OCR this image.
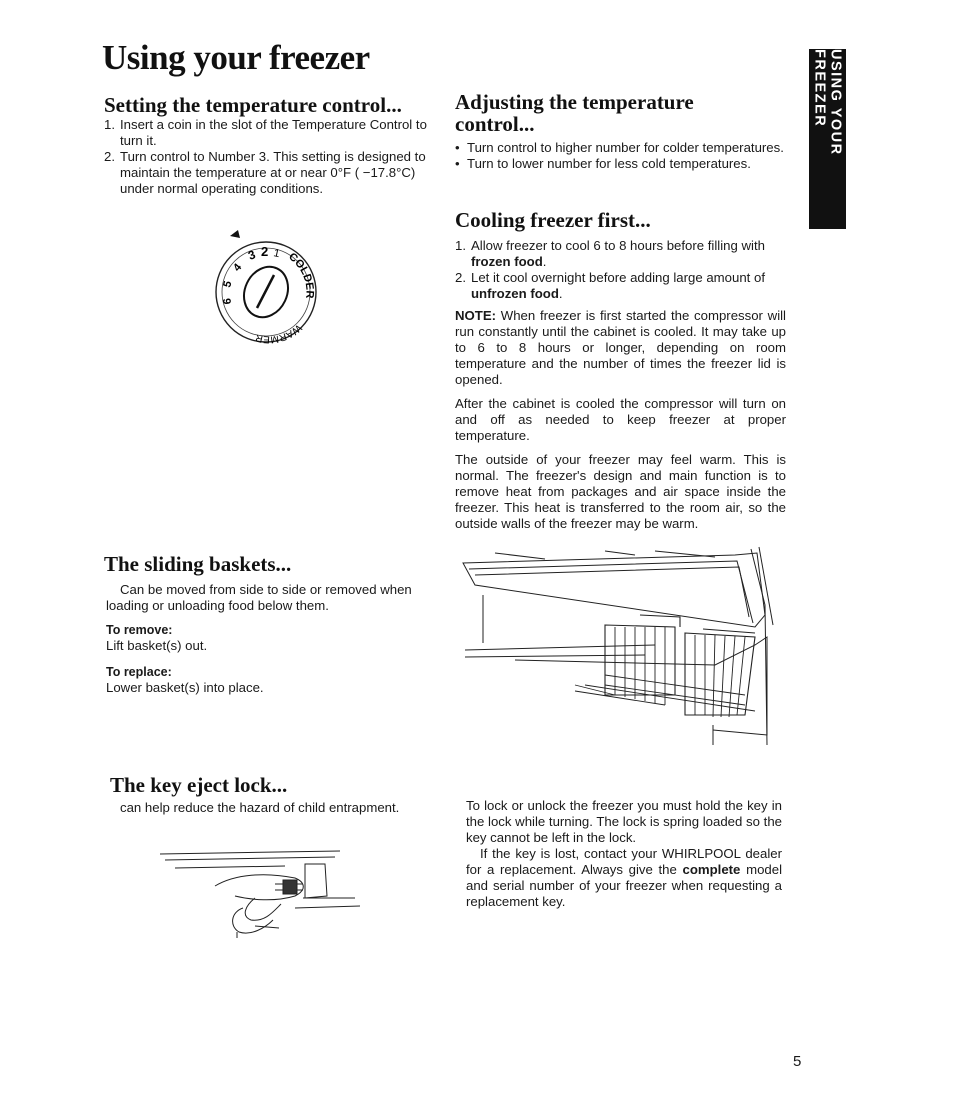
Using your freezer	USING YOUR FREEZER
Setting the temperature control...
1. Insert a coin in the slot of the Temperature Control to turn it.
2. Turn control to Number 3. This setting is designed to maintain the temperature at or near 0°F ( −17.8°C) under normal operating conditions.
3 2 1
4
5
6
COLDER
WARMER
Adjusting the temperature control...
• Turn control to higher number for colder temperatures.
• Turn to lower number for less cold temperatures.
Cooling freezer first...
1. Allow freezer to cool 6 to 8 hours before filling with frozen food.
2. Let it cool overnight before adding large amount of unfrozen food.

NOTE: When freezer is first started the compressor will run constantly until the cabinet is cooled. It may take up to 6 to 8 hours or longer, depending on room temperature and the number of times the freezer lid is opened.

After the cabinet is cooled the compressor will turn on and off as needed to keep freezer at proper temperature.

The outside of your freezer may feel warm. This is normal. The freezer's design and main function is to remove heat from packages and air space inside the freezer. This heat is transferred to the room air, so the outside walls of the freezer may be warm.

The sliding baskets...

Can be moved from side to side or removed when loading or unloading food below them.

To remove:

Lift basket(s) out.

To replace:

Lower basket(s) into place.

The key eject lock...
can help reduce the hazard of child entrapment.	To lock or unlock the freezer you must hold the key in the lock while turning. The lock is spring loaded so the key cannot be left in the lock.

If the key is lost, contact your WHIRLPOOL dealer for a replacement. Always give the complete model and serial number of your freezer when requesting a replacement key.

5
